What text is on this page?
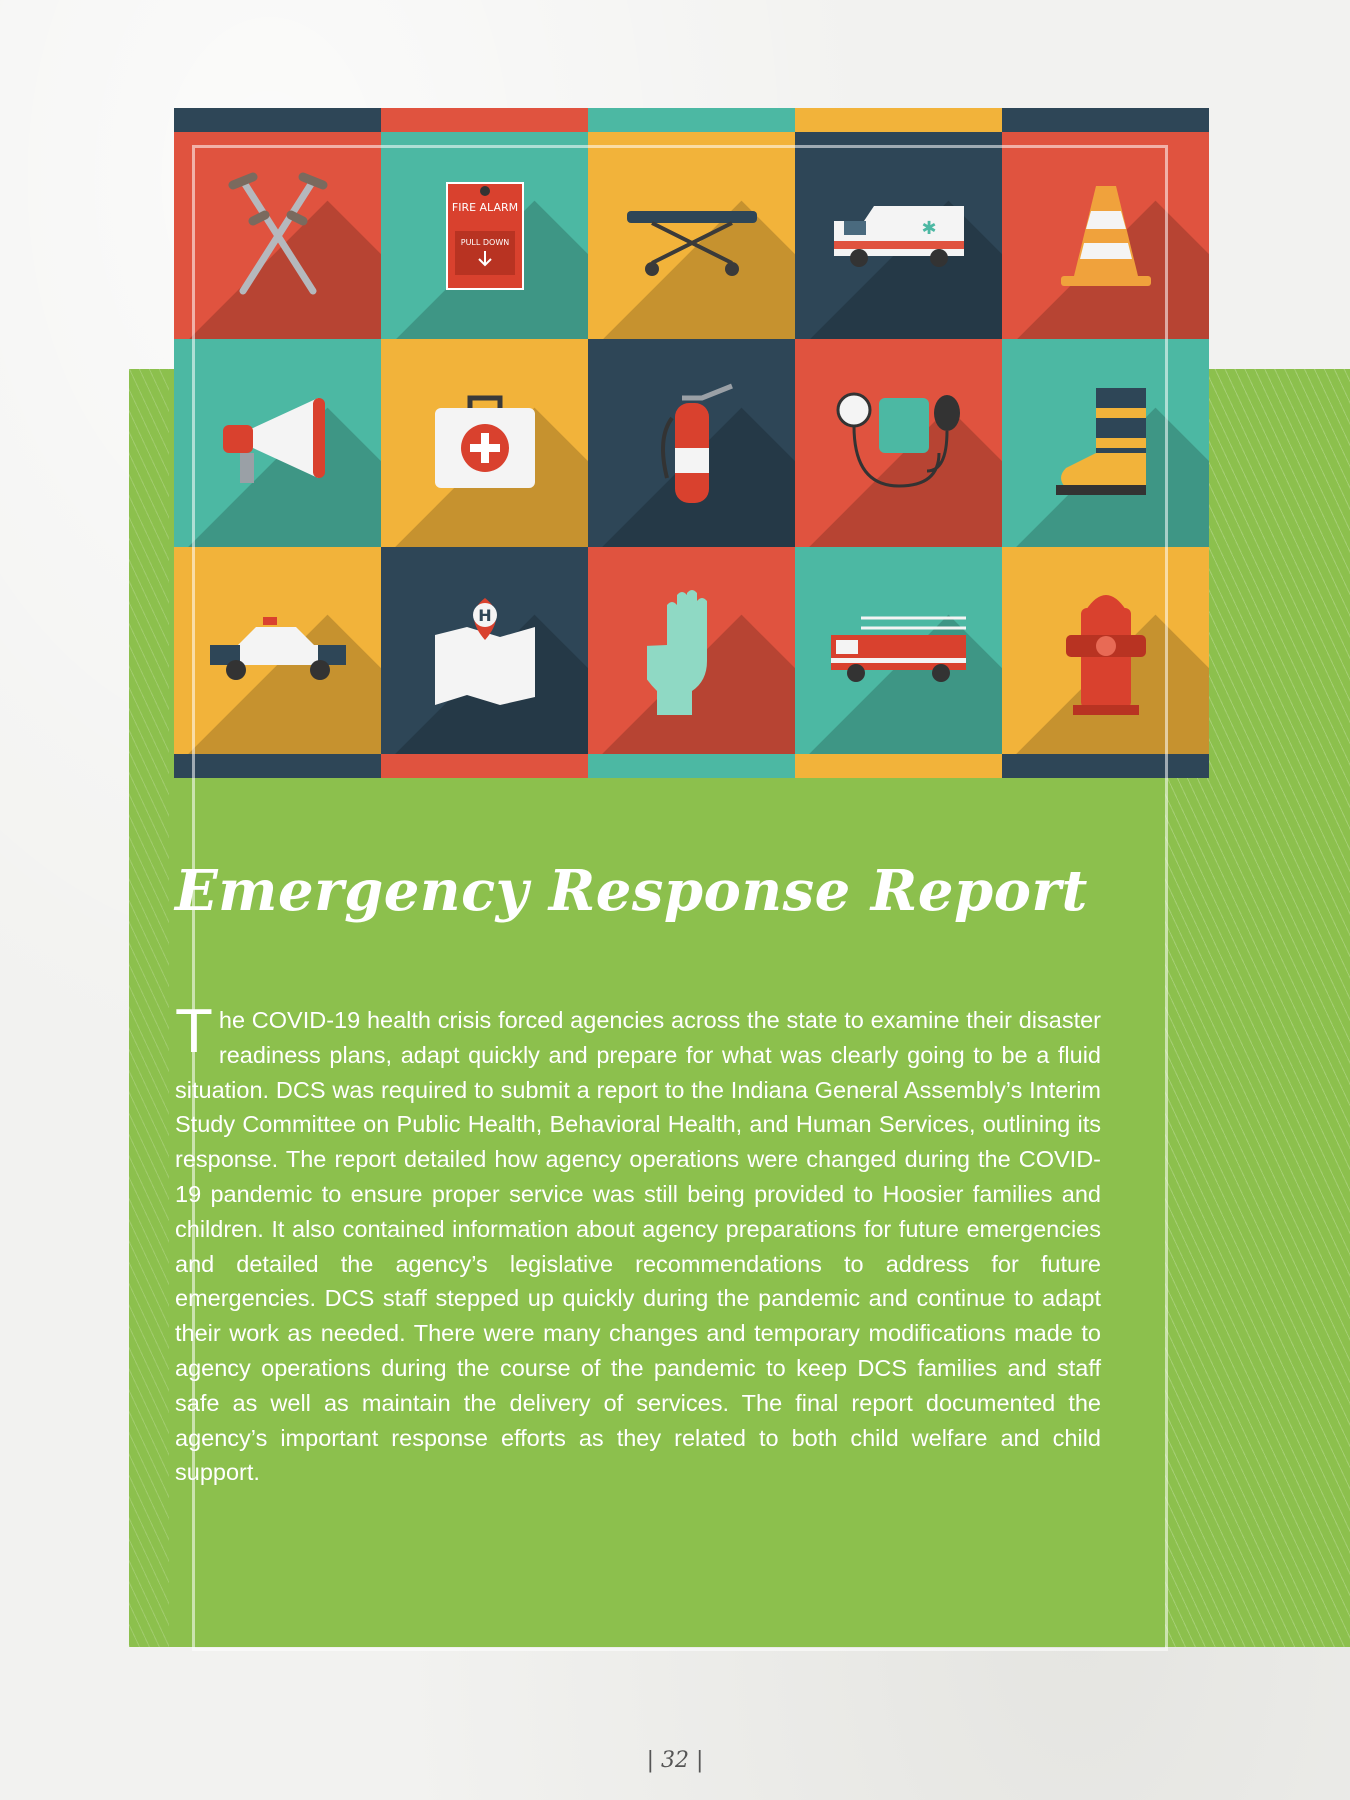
FIRE ALARM
PULL DOWN
✱
H
Emergency Response Report

The COVID-19 health crisis forced agencies across the state to examine their disaster readiness plans, adapt quickly and prepare for what was clearly going to be a fluid situation. DCS was required to submit a report to the Indiana General Assembly’s Interim Study Committee on Public Health, Behavioral Health, and Human Services, outlining its response. The report detailed how agency operations were changed during the COVID-19 pandemic to ensure proper service was still being provided to Hoosier families and children. It also contained information about agency preparations for future emergencies and detailed the agency’s legislative recommendations to address for future emergencies. DCS staff stepped up quickly during the pandemic and continue to adapt their work as needed. There were many changes and temporary modifications made to agency operations during the course of the pandemic to keep DCS families and staff safe as well as maintain the delivery of services. The final report documented the agency’s important response efforts as they related to both child welfare and child support.

| 32 |
